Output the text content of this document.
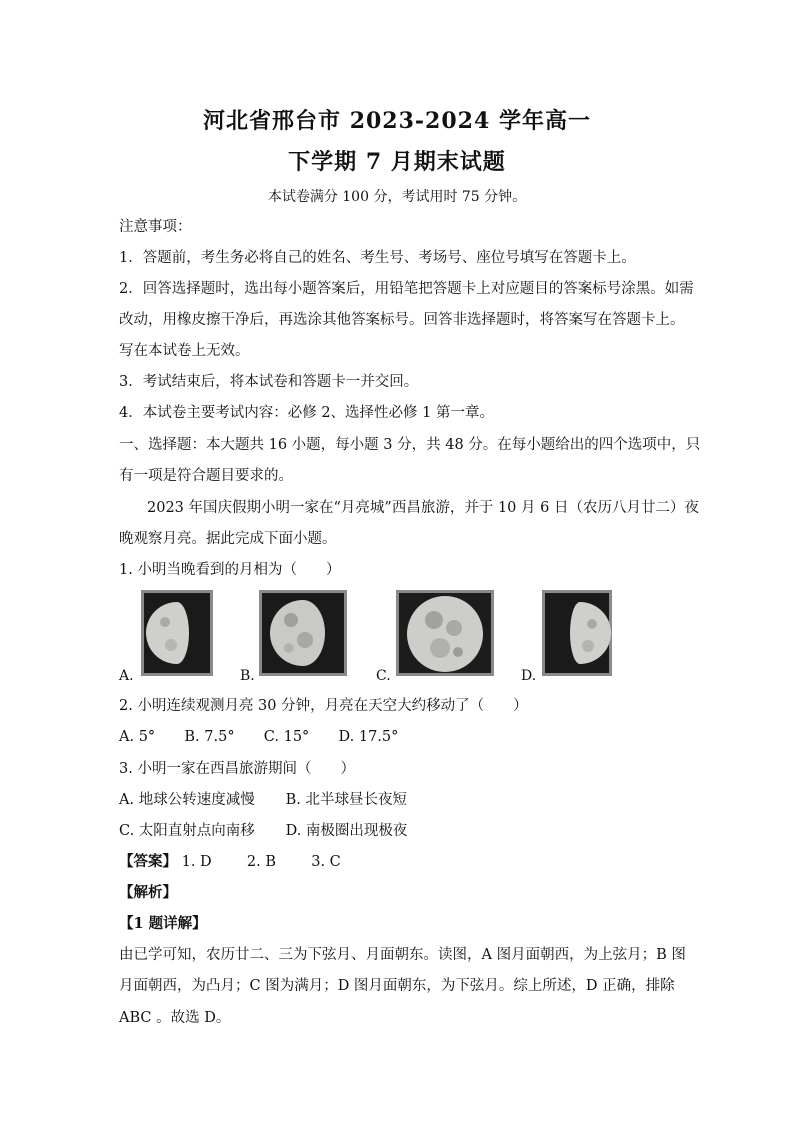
河北省邢台市 2023-2024 学年高一
下学期 7 月期末试题
本试卷满分 100 分，考试用时 75 分钟。
注意事项：
1．答题前，考生务必将自己的姓名、考生号、考场号、座位号填写在答题卡上。
2．回答选择题时，选出每小题答案后，用铅笔把答题卡上对应题目的答案标号涂黑。如需
改动，用橡皮擦干净后，再选涂其他答案标号。回答非选择题时，将答案写在答题卡上。
写在本试卷上无效。
3．考试结束后，将本试卷和答题卡一并交回。
4．本试卷主要考试内容：必修 2、选择性必修 1 第一章。
一、选择题：本大题共 16 小题，每小题 3 分，共 48 分。在每小题给出的四个选项中，只
有一项是符合题目要求的。
2023 年国庆假期小明一家在“月亮城”西昌旅游，并于 10 月 6 日（农历八月廿二）夜
晚观察月亮。据此完成下面小题。
1. 小明当晚看到的月相为（　　）
A.	B.	C.	D.
2. 小明连续观测月亮 30 分钟，月亮在天空大约移动了（　　）
A. 5° B. 7.5° C. 15° D. 17.5°
3. 小明一家在西昌旅游期间（　　）
A. 地球公转速度减慢 B. 北半球昼长夜短
C. 太阳直射点向南移 D. 南极圈出现极夜
【答案】 1. D 2. B 3. C
【解析】
【1 题详解】
由已学可知，农历廿二、三为下弦月、月面朝东。读图，A 图月面朝西，为上弦月；B 图
月面朝西，为凸月；C 图为满月；D 图月面朝东，为下弦月。综上所述，D 正确，排除
ABC 。故选 D。
